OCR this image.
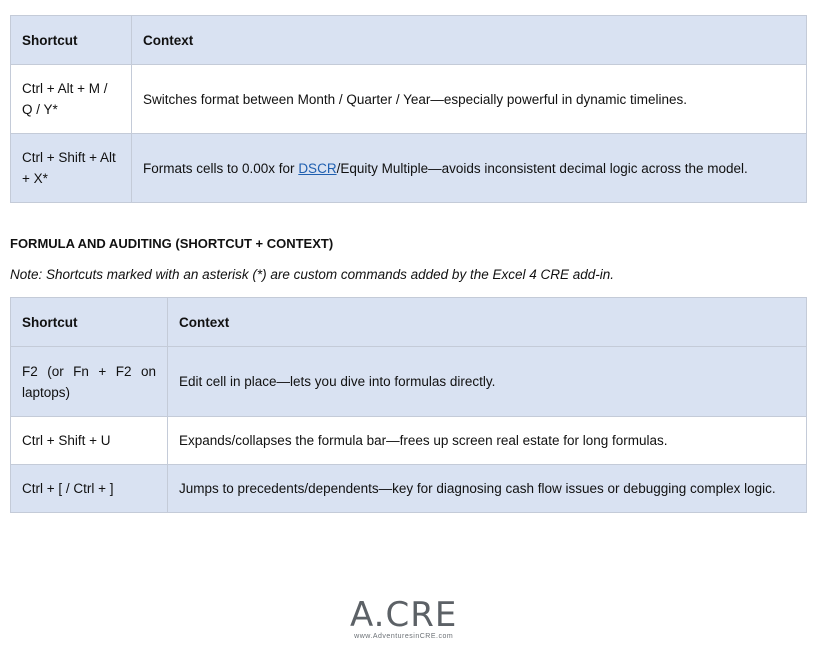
Shortcut	Context
Ctrl + Alt + M / Q / Y*	Switches format between Month / Quarter / Year—especially powerful in dynamic timelines.
Ctrl + Shift + Alt + X*	Formats cells to 0.00x for DSCR/Equity Multiple—avoids inconsistent decimal logic across the model.
FORMULA AND AUDITING (SHORTCUT + CONTEXT)
Note: Shortcuts marked with an asterisk (*) are custom commands added by the Excel 4 CRE add-in.
Shortcut	Context
F2 (or Fn + F2 on laptops)	Edit cell in place—lets you dive into formulas directly.
Ctrl + Shift + U	Expands/collapses the formula bar—frees up screen real estate for long formulas.
Ctrl + [ / Ctrl + ]	Jumps to precedents/dependents—key for diagnosing cash flow issues or debugging complex logic.
A.CRE
www.AdventuresinCRE.com
